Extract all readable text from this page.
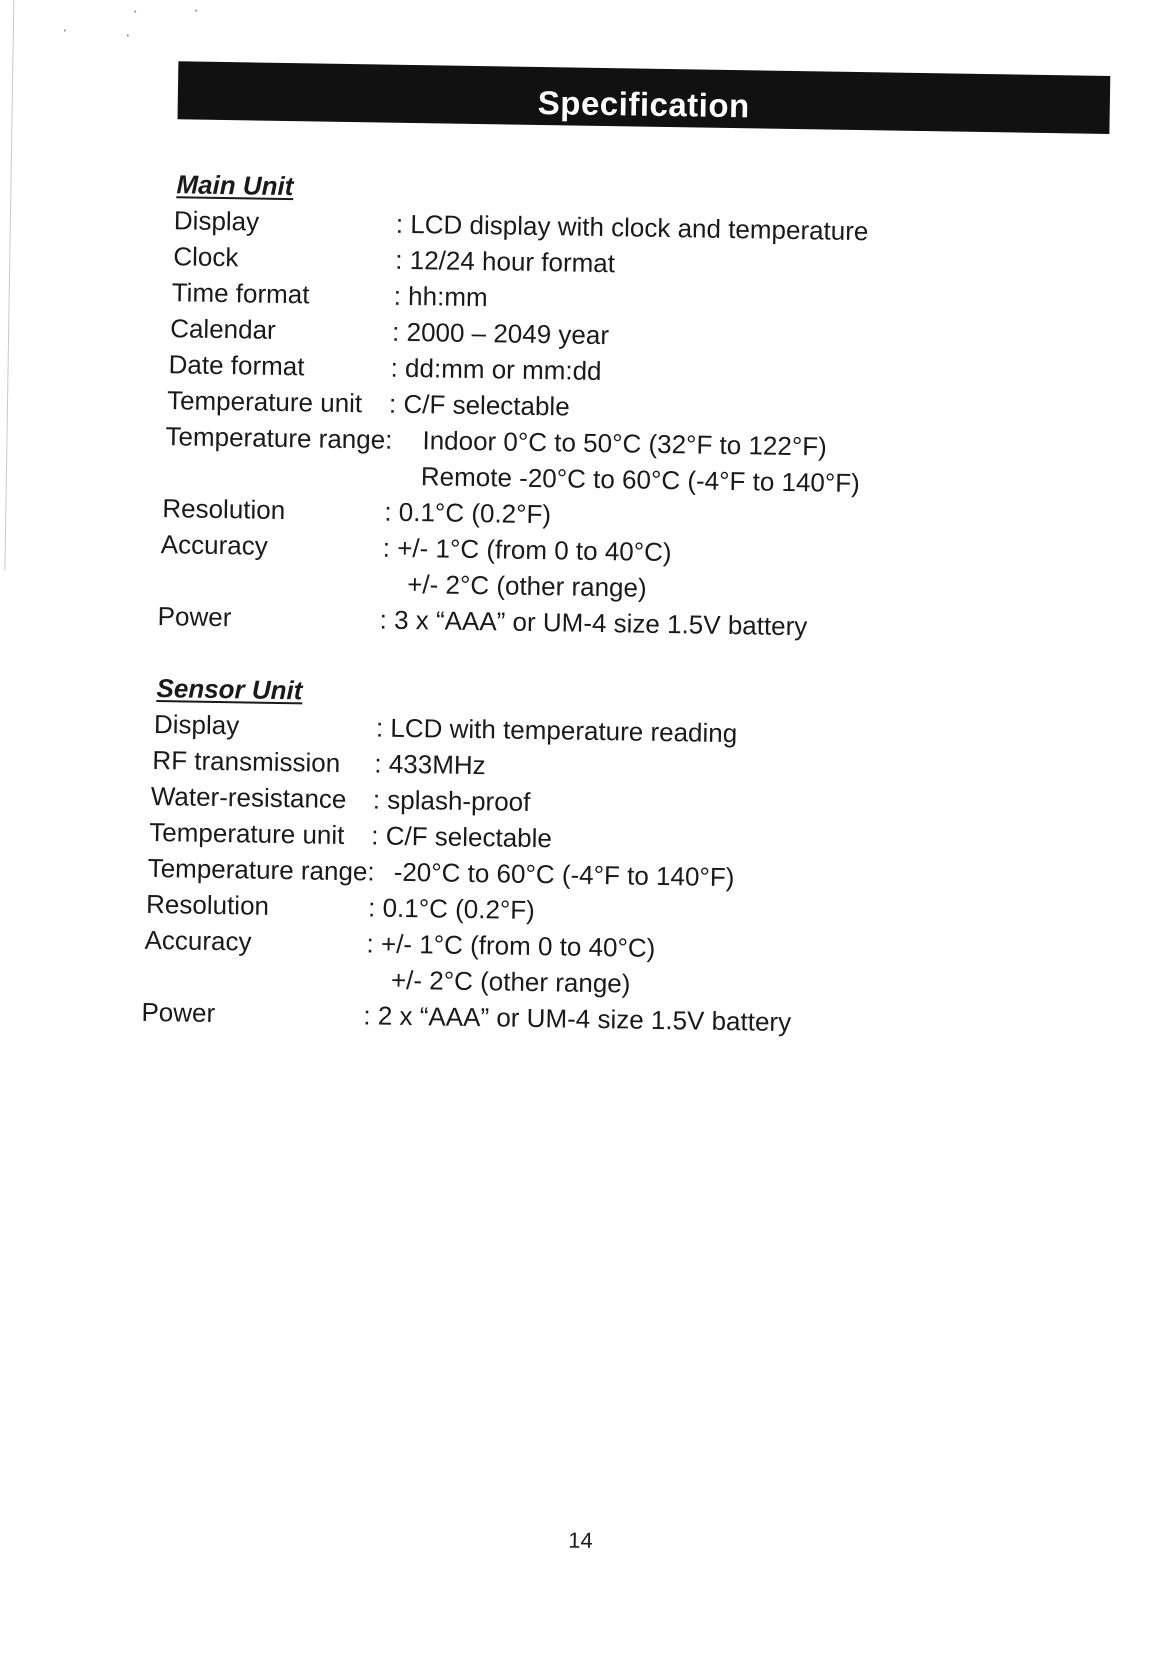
Specification
Main Unit
Display	: LCD display with clock and temperature
Clock	: 12/24 hour format
Time format	: hh:mm
Calendar	: 2000 – 2049 year
Date format	: dd:mm or mm:dd
Temperature unit : C/F selectable
Temperature range: Indoor 0°C to 50°C (32°F to 122°F)
Remote -20°C to 60°C (-4°F to 140°F)
Resolution	: 0.1°C (0.2°F)
Accuracy	: +/- 1°C (from 0 to 40°C)
+/- 2°C (other range)
Power	: 3 x “AAA” or UM-4 size 1.5V battery
Sensor Unit
Display	: LCD with temperature reading
RF transmission : 433MHz
Water-resistance : splash-proof
Temperature unit : C/F selectable
Temperature range: -20°C to 60°C (-4°F to 140°F)
Resolution	: 0.1°C (0.2°F)
Accuracy	: +/- 1°C (from 0 to 40°C)
+/- 2°C (other range)
Power	: 2 x “AAA” or UM-4 size 1.5V battery
14
